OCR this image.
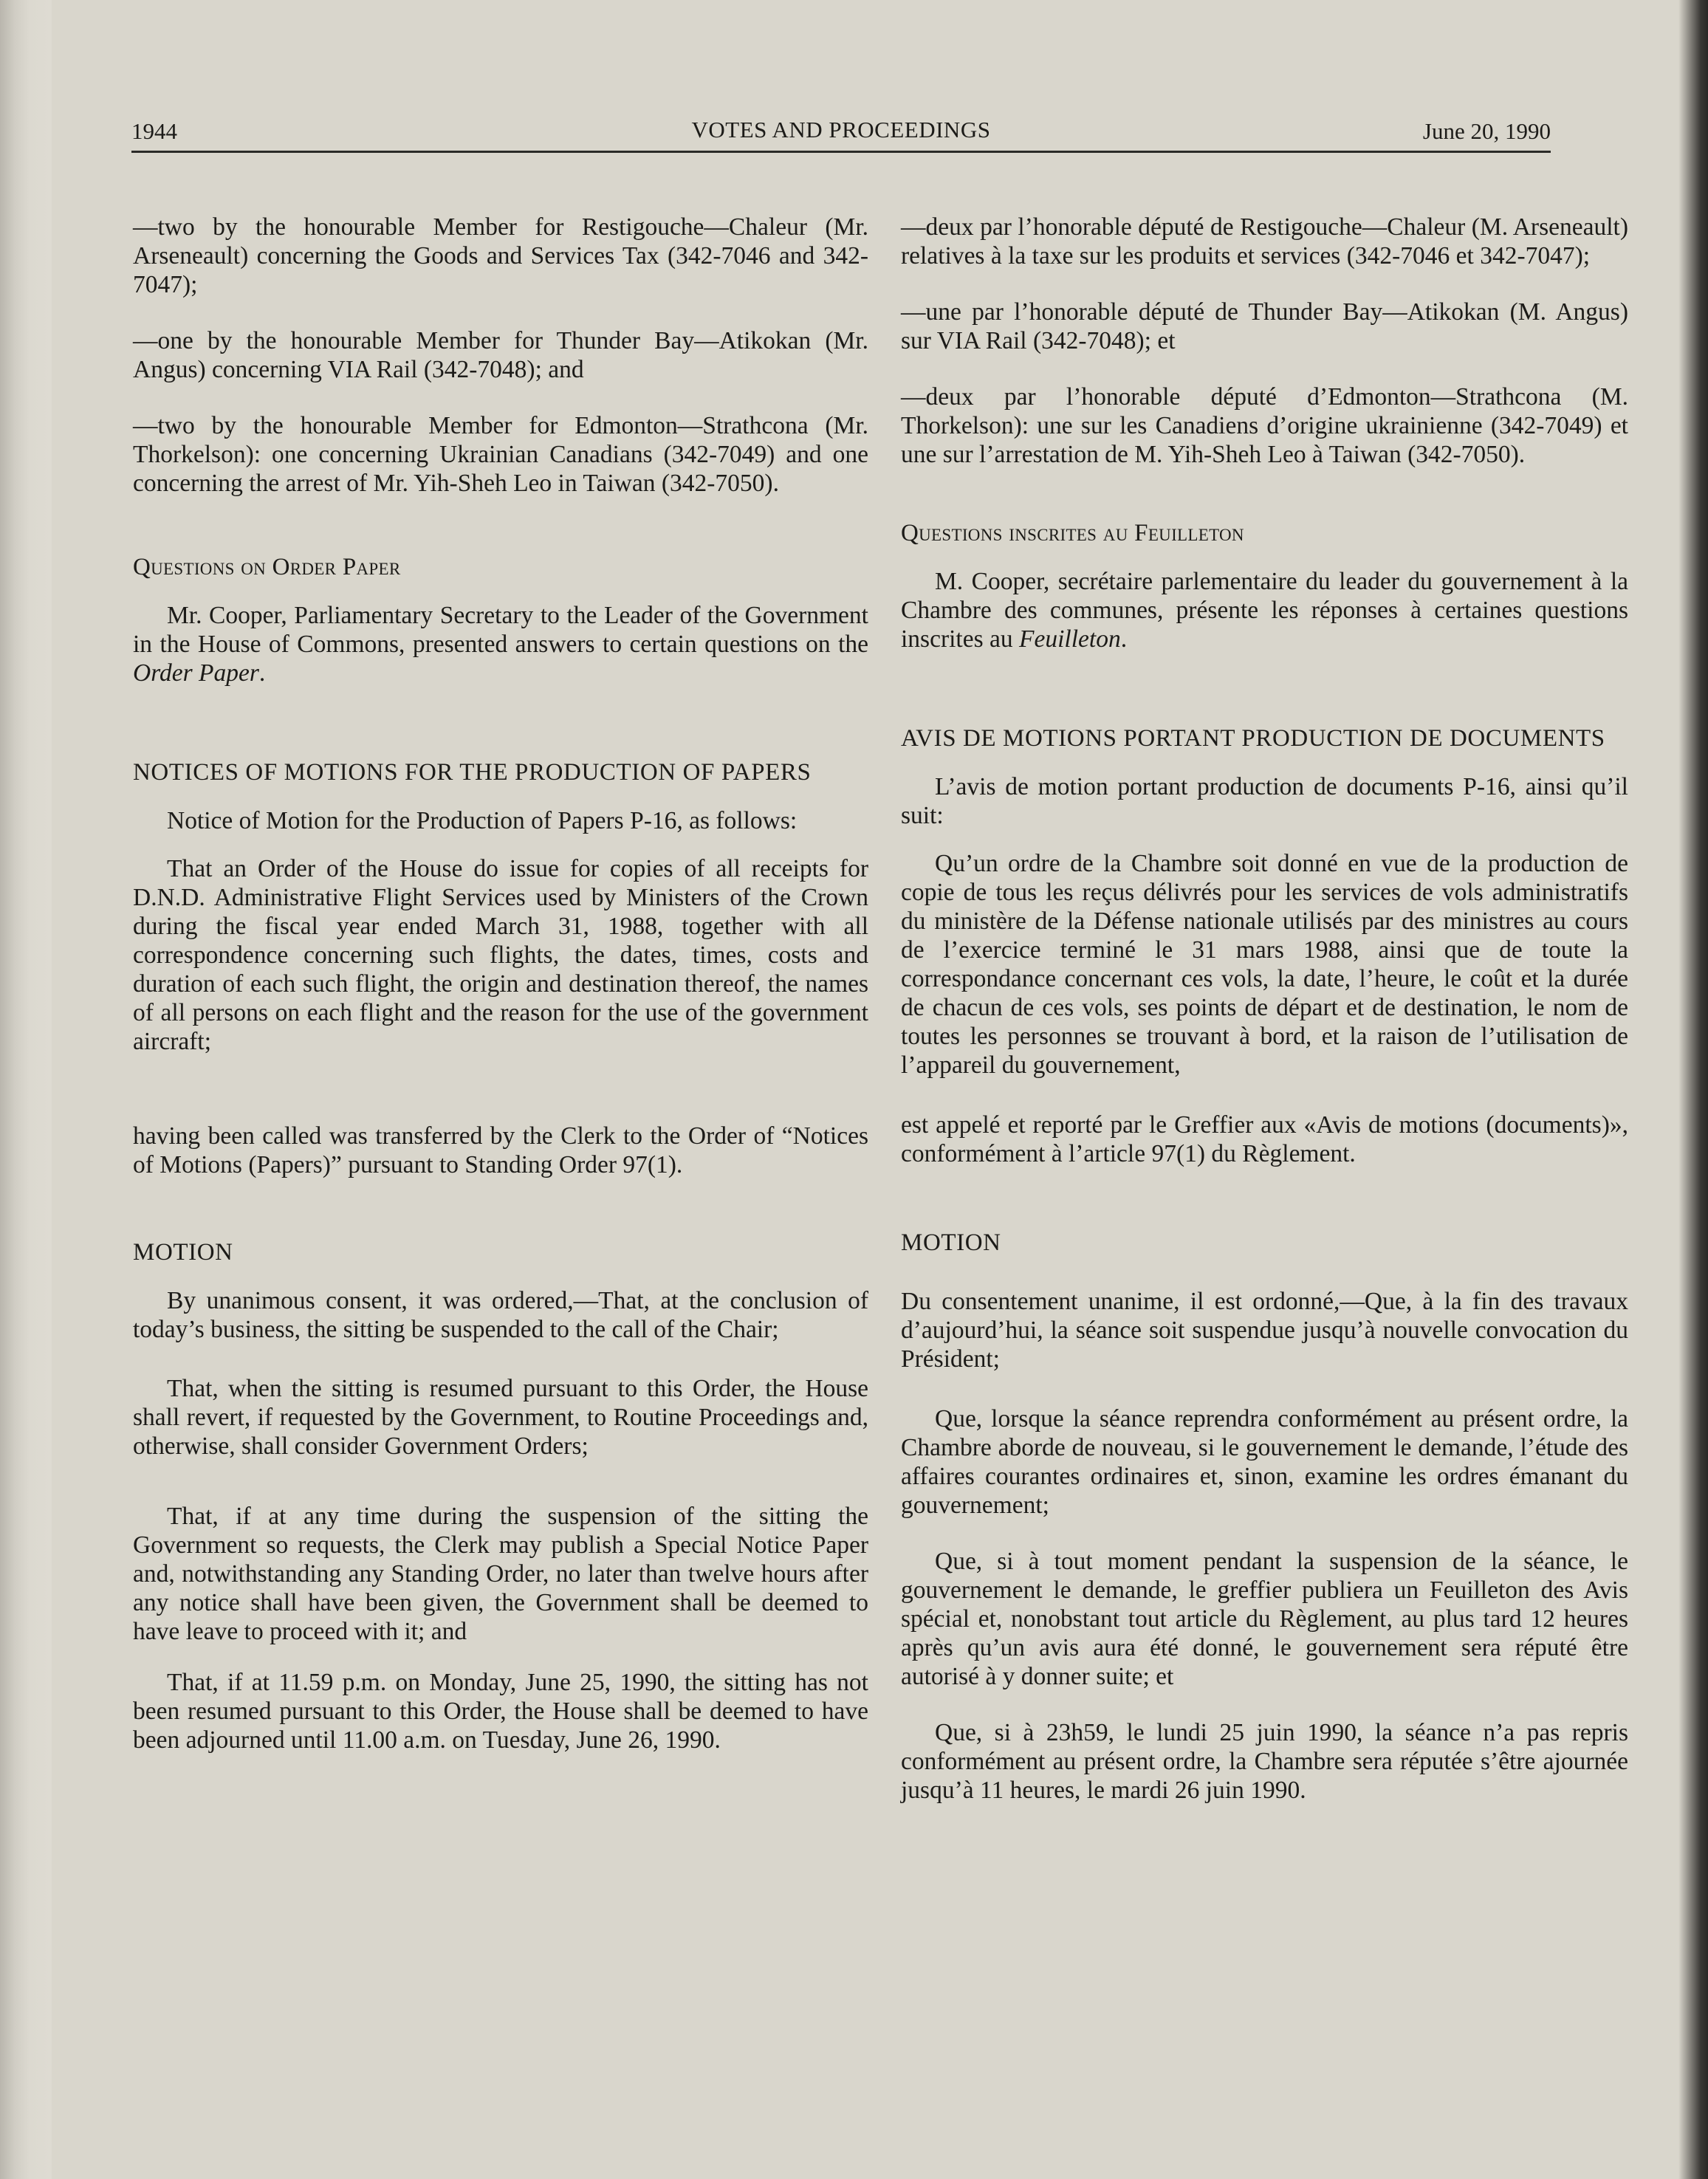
1944	VOTES AND PROCEEDINGS	June 20, 1990

—two by the honourable Member for Restigouche—Chaleur (Mr. Arseneault) concerning the Goods and Services Tax (342-7046 and 342-7047);

—one by the honourable Member for Thunder Bay—Atikokan (Mr. Angus) concerning VIA Rail (342-7048); and

—two by the honourable Member for Edmonton—Strathcona (Mr. Thorkelson): one concerning Ukrainian Canadians (342-7049) and one concerning the arrest of Mr. Yih-Sheh Leo in Taiwan (342-7050).

Questions on Order Paper

Mr. Cooper, Parliamentary Secretary to the Leader of the Government in the House of Commons, presented answers to certain questions on the Order Paper.

NOTICES OF MOTIONS FOR THE PRODUCTION OF PAPERS

Notice of Motion for the Production of Papers P-16, as follows:

That an Order of the House do issue for copies of all receipts for D.N.D. Administrative Flight Services used by Ministers of the Crown during the fiscal year ended March 31, 1988, together with all correspondence concerning such flights, the dates, times, costs and duration of each such flight, the origin and destination thereof, the names of all persons on each flight and the reason for the use of the government aircraft;

having been called was transferred by the Clerk to the Order of “Notices of Motions (Papers)” pursuant to Standing Order 97(1).

MOTION

By unanimous consent, it was ordered,—That, at the conclusion of today’s business, the sitting be suspended to the call of the Chair;

That, when the sitting is resumed pursuant to this Order, the House shall revert, if requested by the Government, to Routine Proceedings and, otherwise, shall consider Government Orders;

That, if at any time during the suspension of the sitting the Government so requests, the Clerk may publish a Special Notice Paper and, notwithstanding any Standing Order, no later than twelve hours after any notice shall have been given, the Government shall be deemed to have leave to proceed with it; and

That, if at 11.59 p.m. on Monday, June 25, 1990, the sitting has not been resumed pursuant to this Order, the House shall be deemed to have been adjourned until 11.00 a.m. on Tuesday, June 26, 1990.

—deux par l’honorable député de Restigouche—Chaleur (M. Arseneault) relatives à la taxe sur les produits et services (342-7046 et 342-7047);

—une par l’honorable député de Thunder Bay—Atikokan (M. Angus) sur VIA Rail (342-7048); et

—deux par l’honorable député d’Edmonton—Strathcona (M. Thorkelson): une sur les Canadiens d’origine ukrainienne (342-7049) et une sur l’arrestation de M. Yih-Sheh Leo à Taiwan (342-7050).

Questions inscrites au Feuilleton

M. Cooper, secrétaire parlementaire du leader du gouvernement à la Chambre des communes, présente les réponses à certaines questions inscrites au Feuilleton.

AVIS DE MOTIONS PORTANT PRODUCTION DE DOCUMENTS

L’avis de motion portant production de documents P-16, ainsi qu’il suit:

Qu’un ordre de la Chambre soit donné en vue de la production de copie de tous les reçus délivrés pour les services de vols administratifs du ministère de la Défense nationale utilisés par des ministres au cours de l’exercice terminé le 31 mars 1988, ainsi que de toute la correspondance concernant ces vols, la date, l’heure, le coût et la durée de chacun de ces vols, ses points de départ et de destination, le nom de toutes les personnes se trouvant à bord, et la raison de l’utilisation de l’appareil du gouvernement,

est appelé et reporté par le Greffier aux «Avis de motions (documents)», conformément à l’article 97(1) du Règlement.

MOTION

Du consentement unanime, il est ordonné,—Que, à la fin des travaux d’aujourd’hui, la séance soit suspendue jusqu’à nouvelle convocation du Président;

Que, lorsque la séance reprendra conformément au présent ordre, la Chambre aborde de nouveau, si le gouvernement le demande, l’étude des affaires courantes ordinaires et, sinon, examine les ordres émanant du gouvernement;

Que, si à tout moment pendant la suspension de la séance, le gouvernement le demande, le greffier publiera un Feuilleton des Avis spécial et, nonobstant tout article du Règlement, au plus tard 12 heures après qu’un avis aura été donné, le gouvernement sera réputé être autorisé à y donner suite; et

Que, si à 23h59, le lundi 25 juin 1990, la séance n’a pas repris conformément au présent ordre, la Chambre sera réputée s’être ajournée jusqu’à 11 heures, le mardi 26 juin 1990.
